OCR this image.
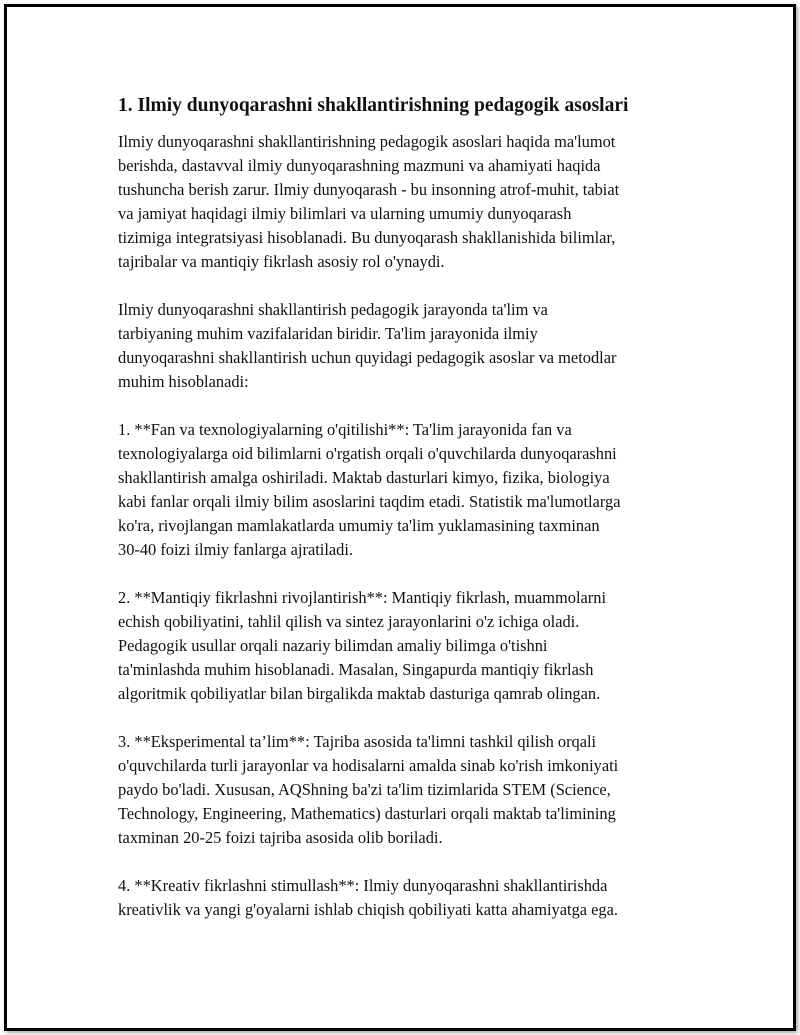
1. Ilmiy dunyoqarashni shakllantirishning pedagogik asoslari

Ilmiy dunyoqarashni shakllantirishning pedagogik asoslari haqida ma'lumot
berishda, dastavval ilmiy dunyoqarashning mazmuni va ahamiyati haqida
tushuncha berish zarur. Ilmiy dunyoqarash - bu insonning atrof-muhit, tabiat
va jamiyat haqidagi ilmiy bilimlari va ularning umumiy dunyoqarash
tizimiga integratsiyasi hisoblanadi. Bu dunyoqarash shakllanishida bilimlar,
tajribalar va mantiqiy fikrlash asosiy rol o'ynaydi.

Ilmiy dunyoqarashni shakllantirish pedagogik jarayonda ta'lim va
tarbiyaning muhim vazifalaridan biridir. Ta'lim jarayonida ilmiy
dunyoqarashni shakllantirish uchun quyidagi pedagogik asoslar va metodlar
muhim hisoblanadi:

1. **Fan va texnologiyalarning o'qitilishi**: Ta'lim jarayonida fan va
texnologiyalarga oid bilimlarni o'rgatish orqali o'quvchilarda dunyoqarashni
shakllantirish amalga oshiriladi. Maktab dasturlari kimyo, fizika, biologiya
kabi fanlar orqali ilmiy bilim asoslarini taqdim etadi. Statistik ma'lumotlarga
ko'ra, rivojlangan mamlakatlarda umumiy ta'lim yuklamasining taxminan
30-40 foizi ilmiy fanlarga ajratiladi.

2. **Mantiqiy fikrlashni rivojlantirish**: Mantiqiy fikrlash, muammolarni
echish qobiliyatini, tahlil qilish va sintez jarayonlarini o'z ichiga oladi.
Pedagogik usullar orqali nazariy bilimdan amaliy bilimga o'tishni
ta'minlashda muhim hisoblanadi. Masalan, Singapurda mantiqiy fikrlash
algoritmik qobiliyatlar bilan birgalikda maktab dasturiga qamrab olingan.

3. **Eksperimental ta’lim**: Tajriba asosida ta'limni tashkil qilish orqali
o'quvchilarda turli jarayonlar va hodisalarni amalda sinab ko'rish imkoniyati
paydo bo'ladi. Xususan, AQShning ba'zi ta'lim tizimlarida STEM (Science,
Technology, Engineering, Mathematics) dasturlari orqali maktab ta'limining
taxminan 20-25 foizi tajriba asosida olib boriladi.

4. **Kreativ fikrlashni stimullash**: Ilmiy dunyoqarashni shakllantirishda
kreativlik va yangi g'oyalarni ishlab chiqish qobiliyati katta ahamiyatga ega.
